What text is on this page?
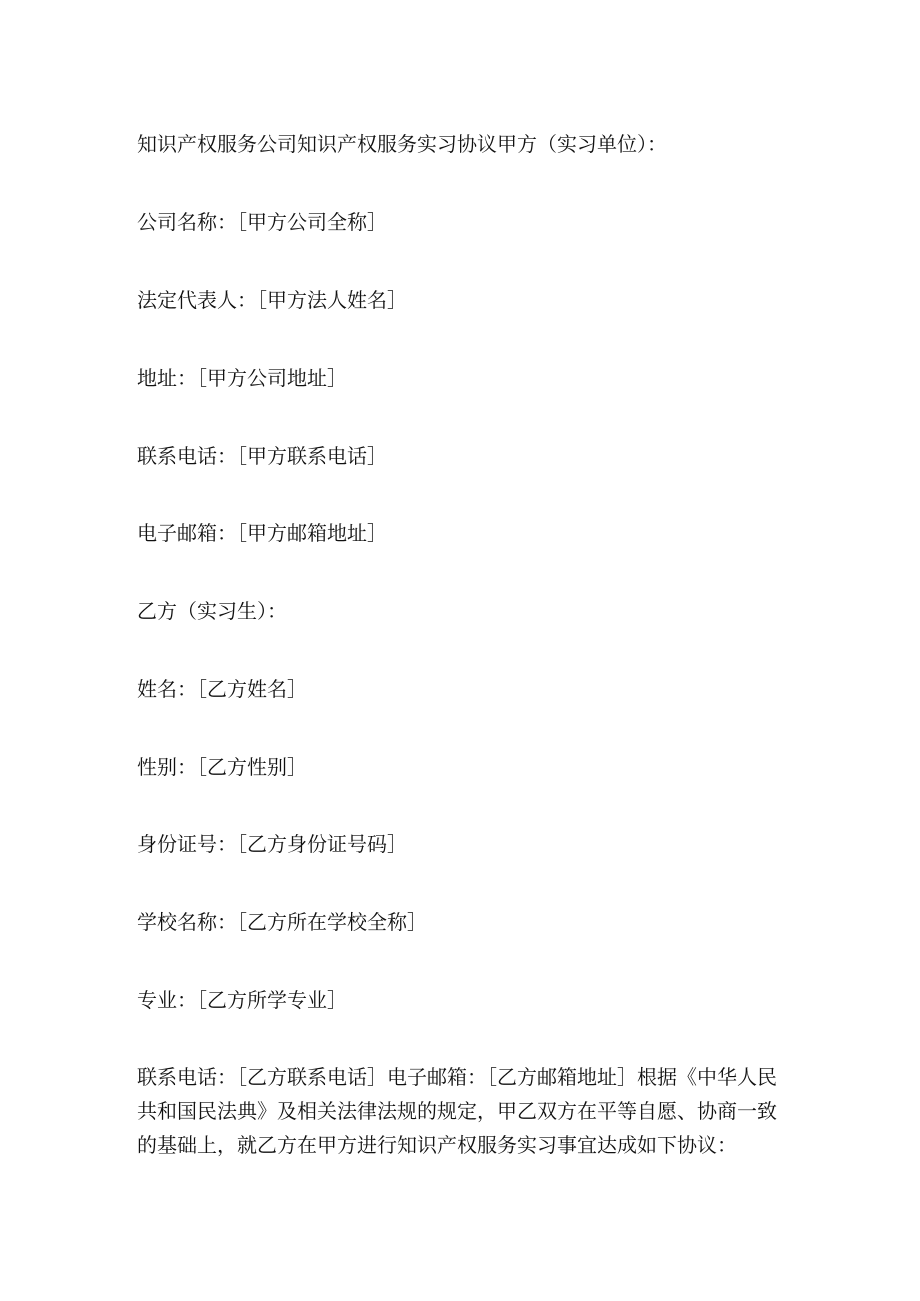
知识产权服务公司知识产权服务实习协议甲方（实习单位）：
公司名称：［甲方公司全称］
法定代表人：［甲方法人姓名］
地址：［甲方公司地址］
联系电话：［甲方联系电话］
电子邮箱：［甲方邮箱地址］
乙方（实习生）：
姓名：［乙方姓名］
性别：［乙方性别］
身份证号：［乙方身份证号码］
学校名称：［乙方所在学校全称］
专业：［乙方所学专业］
联系电话：［乙方联系电话］电子邮箱：［乙方邮箱地址］根据《中华人民共和国民法典》及相关法律法规的规定，甲乙双方在平等自愿、协商一致的基础上，就乙方在甲方进行知识产权服务实习事宜达成如下协议：
